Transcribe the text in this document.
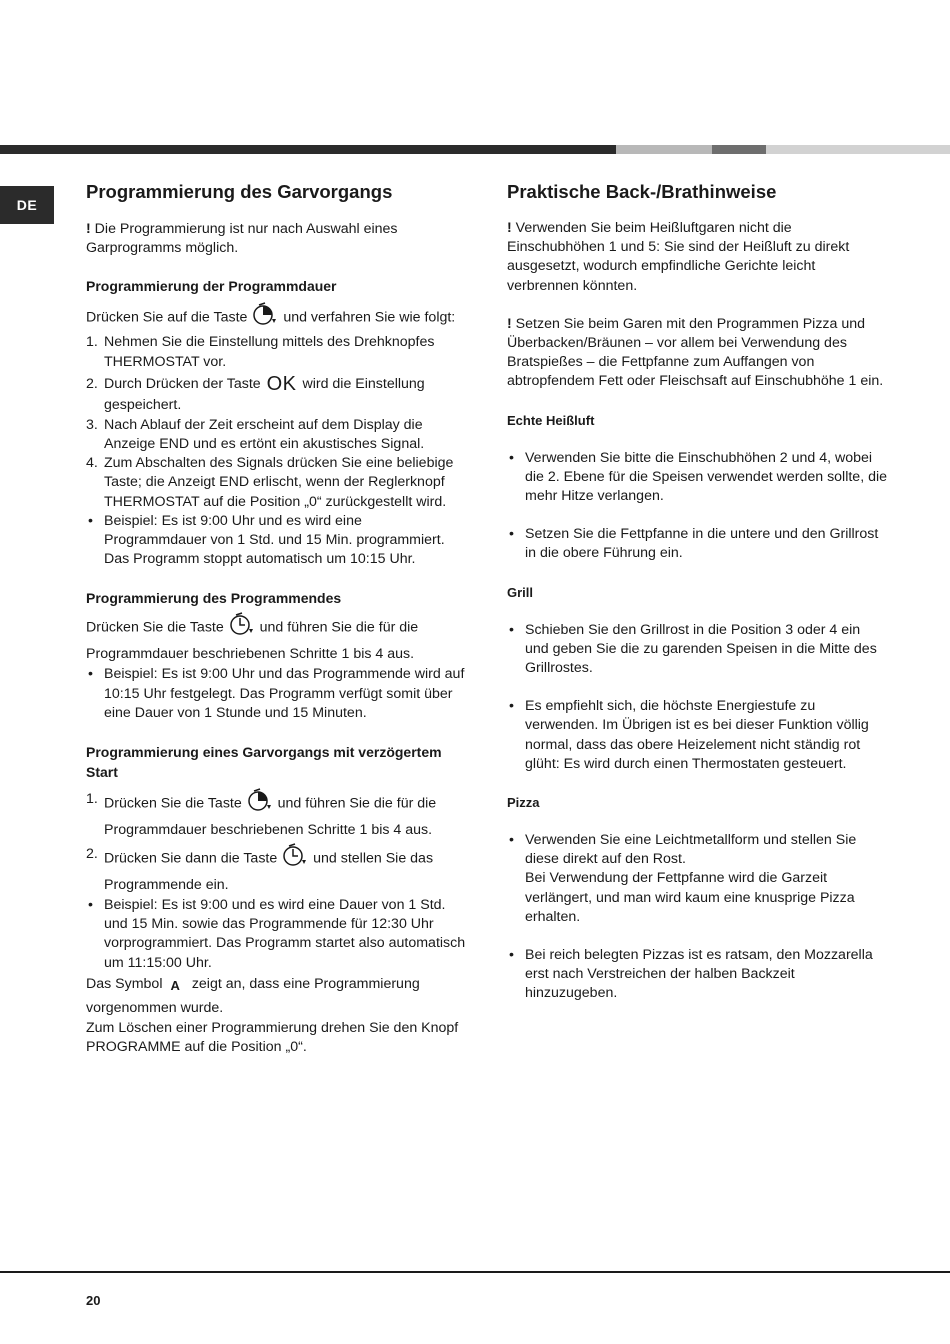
DE
Programmierung des Garvorgangs

! Die Programmierung ist nur nach Auswahl eines Garprogramms möglich.

Programmierung der Programmdauer

Drücken Sie auf die Taste  und verfahren Sie wie folgt:

1. Nehmen Sie die Einstellung mittels des Drehknopfes THERMOSTAT vor.
2. Durch Drücken der Taste OK wird die Einstellung gespeichert.
3. Nach Ablauf der Zeit erscheint auf dem Display die Anzeige END und es ertönt ein akustisches Signal.
4. Zum Abschalten des Signals drücken Sie eine beliebige Taste; die Anzeigt END erlischt, wenn der Reglerknopf THERMOSTAT auf die Position „0“ zurückgestellt wird.
• Beispiel: Es ist 9:00 Uhr und es wird eine Programmdauer von 1 Std. und 15 Min. programmiert. Das Programm stoppt automatisch um 10:15 Uhr.
Programmierung des Programmendes

Drücken Sie die Taste  und führen Sie die für die Programmdauer beschriebenen Schritte 1 bis 4 aus.

• Beispiel: Es ist 9:00 Uhr und das Programmende wird auf 10:15 Uhr festgelegt. Das Programm verfügt somit über eine Dauer von 1 Stunde und 15 Minuten.
Programmierung eines Garvorgangs mit verzögertem Start
1. Drücken Sie die Taste  und führen Sie die für die Programmdauer beschriebenen Schritte 1 bis 4 aus.
2. Drücken Sie dann die Taste  und stellen Sie das Programmende ein.
• Beispiel: Es ist 9:00 und es wird eine Dauer von 1 Std. und 15 Min. sowie das Programmende für 12:30 Uhr vorprogrammiert. Das Programm startet also automatisch um 11:15:00 Uhr.

Das Symbol A zeigt an, dass eine Programmierung vorgenommen wurde.

Zum Löschen einer Programmierung drehen Sie den Knopf PROGRAMME auf die Position „0“.

Praktische Back-/Brathinweise

! Verwenden Sie beim Heißluftgaren nicht die Einschubhöhen 1 und 5: Sie sind der Heißluft zu direkt ausgesetzt, wodurch empfindliche Gerichte leicht verbrennen könnten.

! Setzen Sie beim Garen mit den Programmen Pizza und Überbacken/Bräunen – vor allem bei Verwendung des Bratspießes – die Fettpfanne zum Auffangen von abtropfendem Fett oder Fleischsaft auf Einschubhöhe 1 ein.

Echte Heißluft
• Verwenden Sie bitte die Einschubhöhen 2 und 4, wobei die 2. Ebene für die Speisen verwendet werden sollte, die mehr Hitze verlangen.
• Setzen Sie die Fettpfanne in die untere und den Grillrost in die obere Führung ein.
Grill
• Schieben Sie den Grillrost in die Position 3 oder 4 ein und geben Sie die zu garenden Speisen in die Mitte des Grillrostes.
• Es empfiehlt sich, die höchste Energiestufe zu verwenden. Im Übrigen ist es bei dieser Funktion völlig normal, dass das obere Heizelement nicht ständig rot glüht: Es wird durch einen Thermostaten gesteuert.
Pizza
• Verwenden Sie eine Leichtmetallform und stellen Sie diese direkt auf den Rost.
Bei Verwendung der Fettpfanne wird die Garzeit verlängert, und man wird kaum eine knusprige Pizza erhalten.
• Bei reich belegten Pizzas ist es ratsam, den Mozzarella erst nach Verstreichen der halben Backzeit hinzuzugeben.
20
